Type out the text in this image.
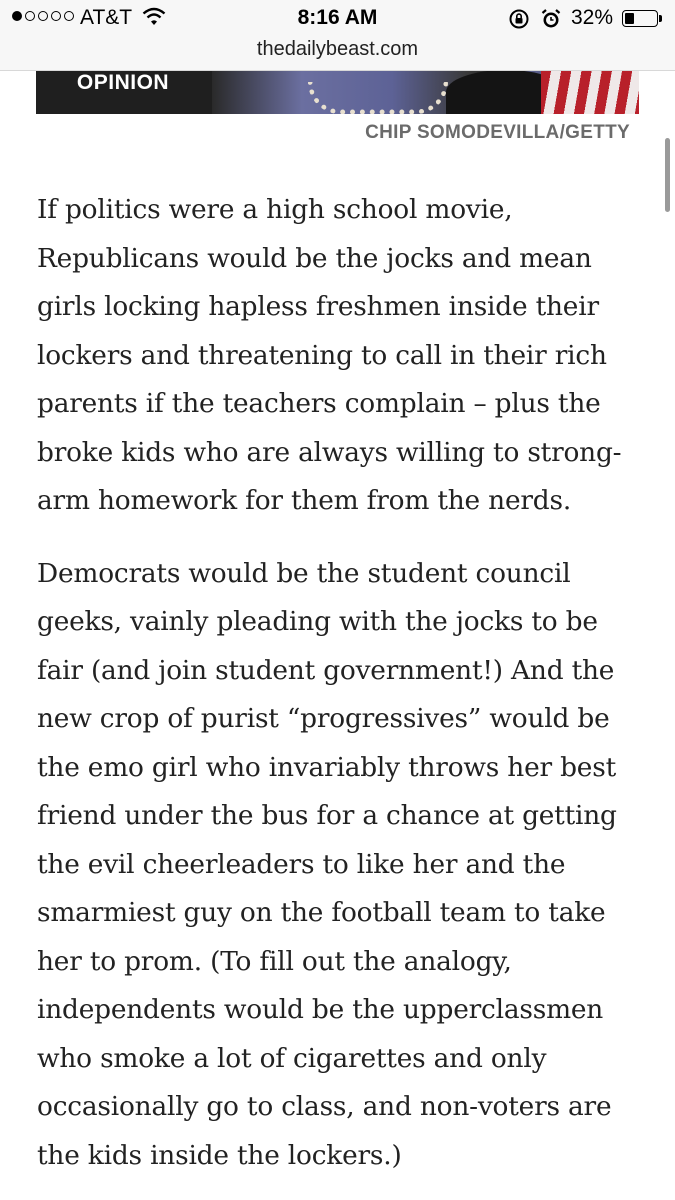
AT&T	8:16 AM	32%
thedailybeast.com
OPINION
CHIP SOMODEVILLA/GETTY

If politics were a high school movie, Republicans would be the jocks and mean girls locking hapless freshmen inside their lockers and threatening to call in their rich parents if the teachers complain – plus the broke kids who are always willing to strong-arm homework for them from the nerds.

Democrats would be the student council geeks, vainly pleading with the jocks to be fair (and join student government!) And the new crop of purist “progressives” would be the emo girl who invariably throws her best friend under the bus for a chance at getting the evil cheerleaders to like her and the smarmiest guy on the football team to take her to prom. (To fill out the analogy, independents would be the upperclassmen who smoke a lot of cigarettes and only occasionally go to class, and non-voters are the kids inside the lockers.)
